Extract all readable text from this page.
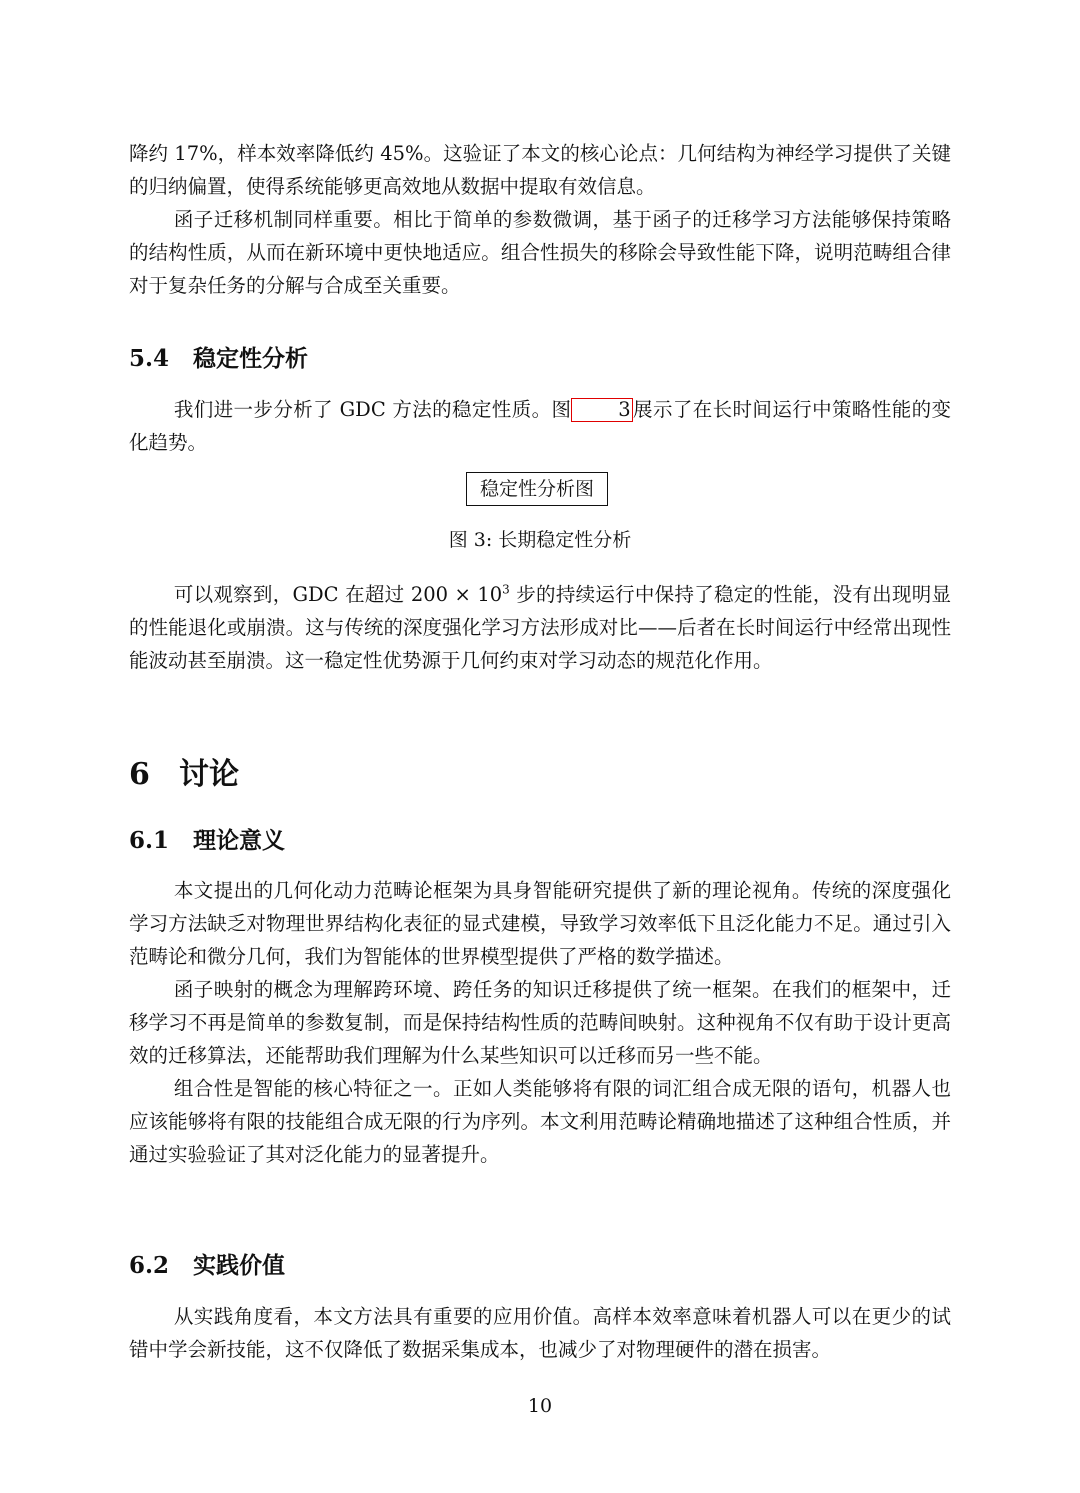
降约 17%，样本效率降低约 45%。这验证了本文的核心论点：几何结构为神经学习提供了关键的归纳偏置，使得系统能够更高效地从数据中提取有效信息。

函子迁移机制同样重要。相比于简单的参数微调，基于函子的迁移学习方法能够保持策略的结构性质，从而在新环境中更快地适应。组合性损失的移除会导致性能下降，说明范畴组合律对于复杂任务的分解与合成至关重要。

5.4 稳定性分析

我们进一步分析了 GDC 方法的稳定性质。图 3 展示了在长时间运行中策略性能的变化趋势。

稳定性分析图
图 3: 长期稳定性分析

可以观察到，GDC 在超过 $200 \times 10^3$ 步的持续运行中保持了稳定的性能，没有出现明显的性能退化或崩溃。这与传统的深度强化学习方法形成对比——后者在长时间运行中经常出现性能波动甚至崩溃。这一稳定性优势源于几何约束对学习动态的规范化作用。

6 讨论
6.1 理论意义

本文提出的几何化动力范畴论框架为具身智能研究提供了新的理论视角。传统的深度强化学习方法缺乏对物理世界结构化表征的显式建模，导致学习效率低下且泛化能力不足。通过引入范畴论和微分几何，我们为智能体的世界模型提供了严格的数学描述。

函子映射的概念为理解跨环境、跨任务的知识迁移提供了统一框架。在我们的框架中，迁移学习不再是简单的参数复制，而是保持结构性质的范畴间映射。这种视角不仅有助于设计更高效的迁移算法，还能帮助我们理解为什么某些知识可以迁移而另一些不能。

组合性是智能的核心特征之一。正如人类能够将有限的词汇组合成无限的语句，机器人也应该能够将有限的技能组合成无限的行为序列。本文利用范畴论精确地描述了这种组合性质，并通过实验验证了其对泛化能力的显著提升。

6.2 实践价值

从实践角度看，本文方法具有重要的应用价值。高样本效率意味着机器人可以在更少的试错中学会新技能，这不仅降低了数据采集成本，也减少了对物理硬件的潜在损害。

10
